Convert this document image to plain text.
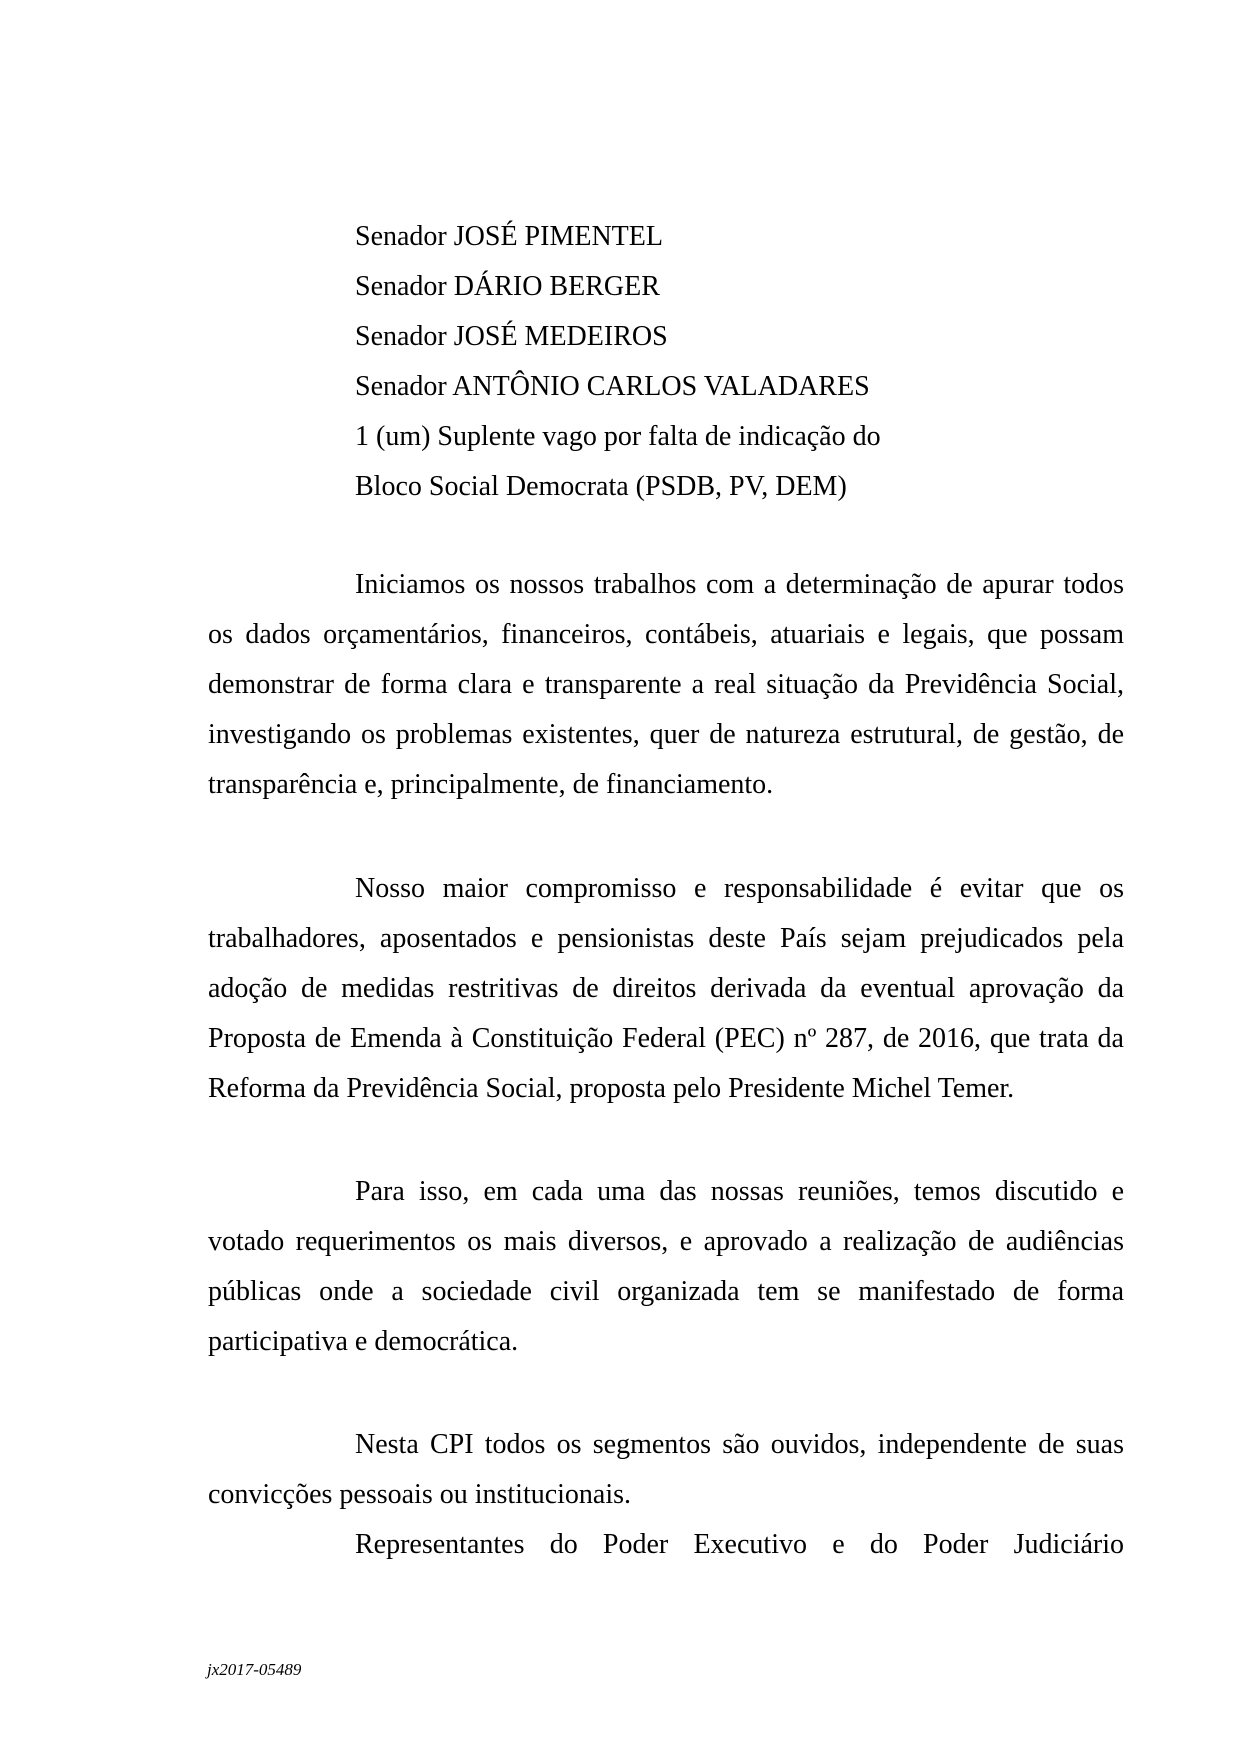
Senador JOSÉ PIMENTEL
Senador DÁRIO BERGER
Senador JOSÉ MEDEIROS
Senador ANTÔNIO CARLOS VALADARES
1 (um) Suplente vago por falta de indicação do
Bloco Social Democrata (PSDB, PV, DEM)

Iniciamos os nossos trabalhos com a determinação de apurar todos os dados orçamentários, financeiros, contábeis, atuariais e legais, que possam demonstrar de forma clara e transparente a real situação da Previdência Social, investigando os problemas existentes, quer de natureza estrutural, de gestão, de transparência e, principalmente, de financiamento.

Nosso maior compromisso e responsabilidade é evitar que os trabalhadores, aposentados e pensionistas deste País sejam prejudicados pela adoção de medidas restritivas de direitos derivada da eventual aprovação da Proposta de Emenda à Constituição Federal (PEC) nº 287, de 2016, que trata da Reforma da Previdência Social, proposta pelo Presidente Michel Temer.

Para isso, em cada uma das nossas reuniões, temos discutido e votado requerimentos os mais diversos, e aprovado a realização de audiências públicas onde a sociedade civil organizada tem se manifestado de forma participativa e democrática.

Nesta CPI todos os segmentos são ouvidos, independente de suas convicções pessoais ou institucionais.

Representantes do Poder Executivo e do Poder Judiciário

jx2017-05489
